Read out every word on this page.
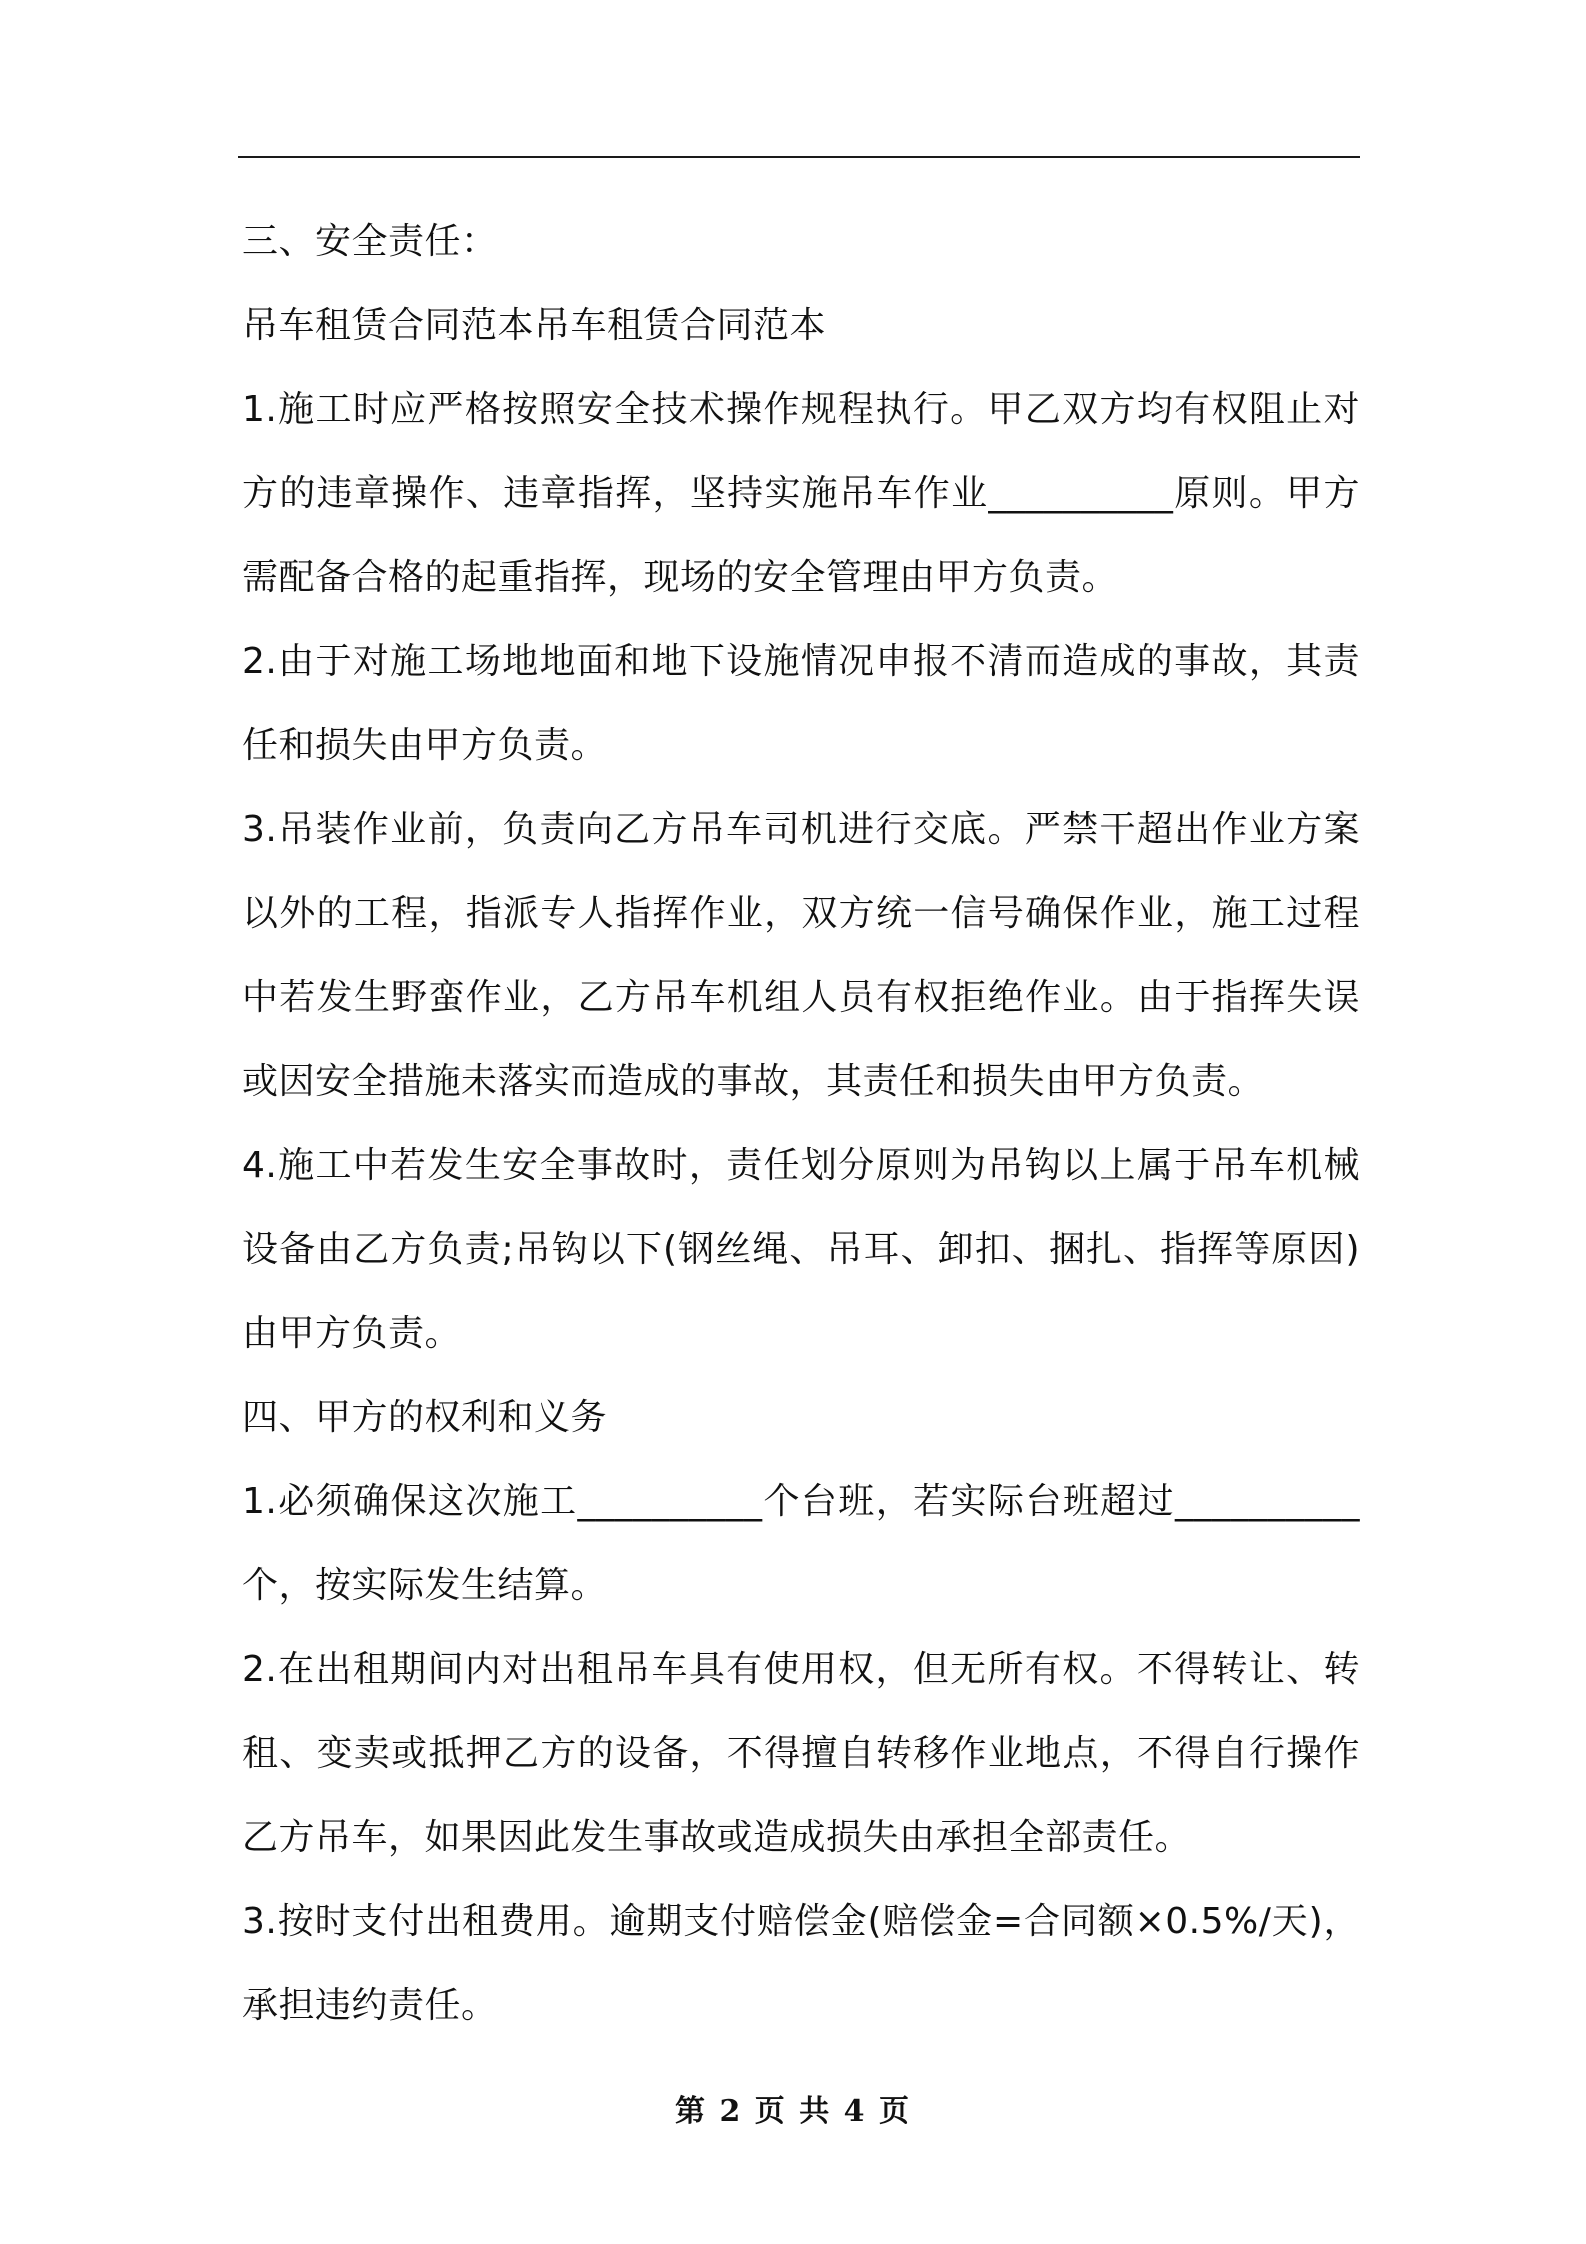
三、安全责任：
吊车租赁合同范本吊车租赁合同范本
1.施工时应严格按照安全技术操作规程执行。甲乙双方均有权阻止对
方的违章操作、违章指挥，坚持实施吊车作业__________原则。甲方
需配备合格的起重指挥，现场的安全管理由甲方负责。
2.由于对施工场地地面和地下设施情况申报不清而造成的事故，其责
任和损失由甲方负责。
3.吊装作业前，负责向乙方吊车司机进行交底。严禁干超出作业方案
以外的工程，指派专人指挥作业，双方统一信号确保作业，施工过程
中若发生野蛮作业，乙方吊车机组人员有权拒绝作业。由于指挥失误
或因安全措施未落实而造成的事故，其责任和损失由甲方负责。
4.施工中若发生安全事故时，责任划分原则为吊钩以上属于吊车机械
设备由乙方负责;吊钩以下(钢丝绳、吊耳、卸扣、捆扎、指挥等原因)
由甲方负责。
四、甲方的权利和义务
1.必须确保这次施工__________个台班，若实际台班超过__________
个，按实际发生结算。
2.在出租期间内对出租吊车具有使用权，但无所有权。不得转让、转
租、变卖或抵押乙方的设备，不得擅自转移作业地点，不得自行操作
乙方吊车，如果因此发生事故或造成损失由承担全部责任。
3.按时支付出租费用。逾期支付赔偿金(赔偿金=合同额×0.5%/天)，
承担违约责任。
第 2 页 共 4 页
